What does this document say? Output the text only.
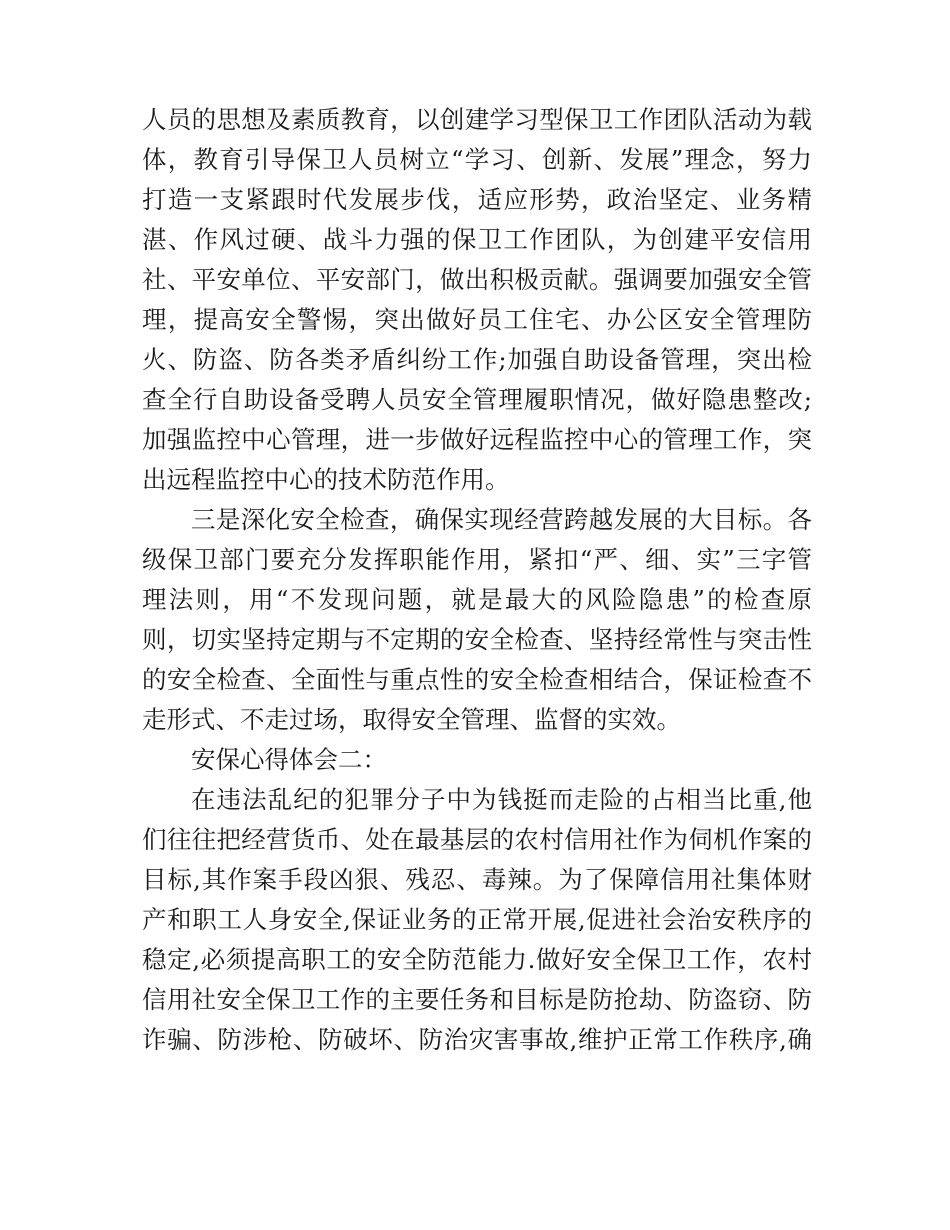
人员的思想及素质教育，以创建学习型保卫工作团队活动为载
体，教育引导保卫人员树立“学习、创新、发展”理念，努力
打造一支紧跟时代发展步伐，适应形势，政治坚定、业务精
湛、作风过硬、战斗力强的保卫工作团队，为创建平安信用
社、平安单位、平安部门，做出积极贡献。强调要加强安全管
理，提高安全警惕，突出做好员工住宅、办公区安全管理防
火、防盗、防各类矛盾纠纷工作;加强自助设备管理，突出检
查全行自助设备受聘人员安全管理履职情况，做好隐患整改;
加强监控中心管理，进一步做好远程监控中心的管理工作，突
出远程监控中心的技术防范作用。
三是深化安全检查，确保实现经营跨越发展的大目标。各
级保卫部门要充分发挥职能作用，紧扣“严、细、实”三字管
理法则，用“不发现问题，就是最大的风险隐患”的检查原
则，切实坚持定期与不定期的安全检查、坚持经常性与突击性
的安全检查、全面性与重点性的安全检查相结合，保证检查不
走形式、不走过场，取得安全管理、监督的实效。
安保心得体会二：
在违法乱纪的犯罪分子中为钱挺而走险的占相当比重,他
们往往把经营货币、处在最基层的农村信用社作为伺机作案的
目标,其作案手段凶狠、残忍、毒辣。为了保障信用社集体财
产和职工人身安全,保证业务的正常开展,促进社会治安秩序的
稳定,必须提高职工的安全防范能力.做好安全保卫工作，农村
信用社安全保卫工作的主要任务和目标是防抢劫、防盗窃、防
诈骗、防涉枪、防破坏、防治灾害事故,维护正常工作秩序,确
